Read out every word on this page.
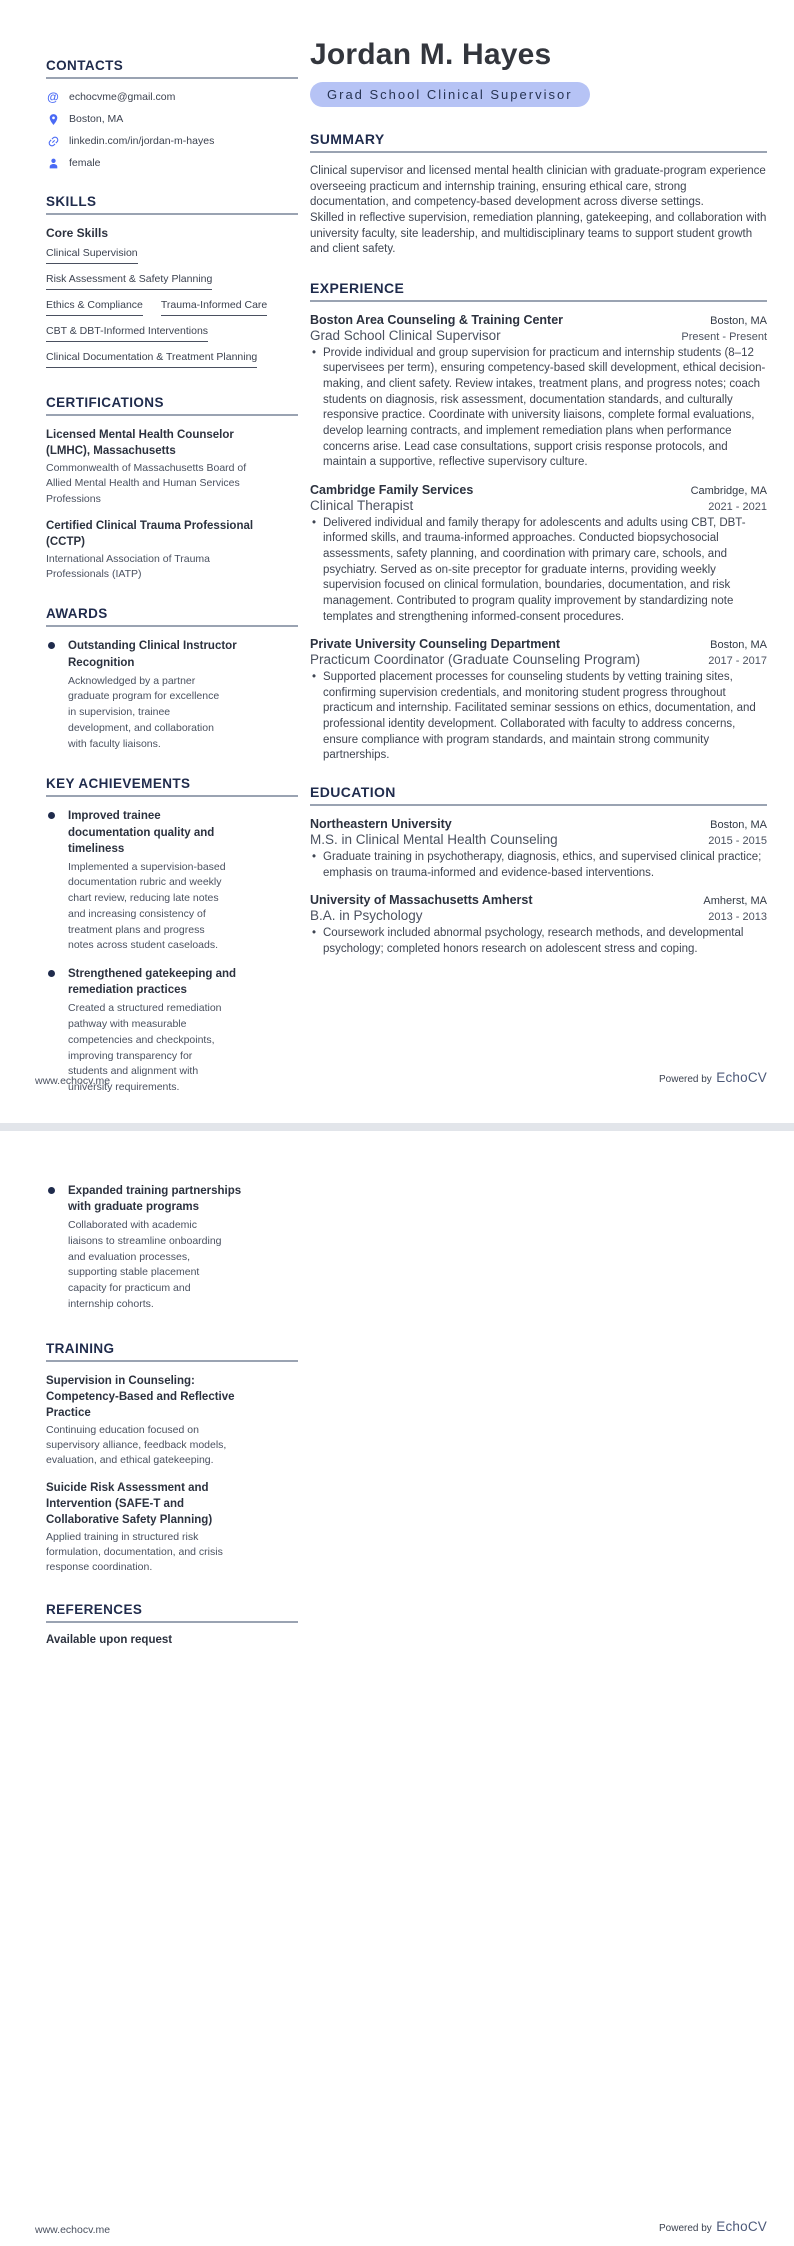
CONTACTS
@ echocvme@gmail.com
Boston, MA
linkedin.com/in/jordan-m-hayes
female
SKILLS
Core Skills
Clinical Supervision
Risk Assessment & Safety Planning
Ethics & Compliance Trauma-Informed Care
CBT & DBT-Informed Interventions
Clinical Documentation & Treatment Planning
CERTIFICATIONS
Licensed Mental Health Counselor (LMHC), Massachusetts
Commonwealth of Massachusetts Board of Allied Mental Health and Human Services Professions
Certified Clinical Trauma Professional (CCTP)
International Association of Trauma Professionals (IATP)
AWARDS
Outstanding Clinical Instructor Recognition
Acknowledged by a partner graduate program for excellence in supervision, trainee development, and collaboration with faculty liaisons.
KEY ACHIEVEMENTS
Improved trainee documentation quality and timeliness
Implemented a supervision-based documentation rubric and weekly chart review, reducing late notes and increasing consistency of treatment plans and progress notes across student caseloads.
Strengthened gatekeeping and remediation practices
Created a structured remediation pathway with measurable competencies and checkpoints, improving transparency for students and alignment with university requirements.
Jordan M. Hayes
Grad School Clinical Supervisor
SUMMARY

Clinical supervisor and licensed mental health clinician with graduate-program experience overseeing practicum and internship training, ensuring ethical care, strong documentation, and competency-based development across diverse settings.

Skilled in reflective supervision, remediation planning, gatekeeping, and collaboration with university faculty, site leadership, and multidisciplinary teams to support student growth and client safety.

EXPERIENCE
Boston Area Counseling & Training Center	Boston, MA
Grad School Clinical Supervisor	Present - Present
• Provide individual and group supervision for practicum and internship students (8–12 supervisees per term), ensuring competency-based skill development, ethical decision-making, and client safety. Review intakes, treatment plans, and progress notes; coach students on diagnosis, risk assessment, documentation standards, and culturally responsive practice. Coordinate with university liaisons, complete formal evaluations, develop learning contracts, and implement remediation plans when performance concerns arise. Lead case consultations, support crisis response protocols, and maintain a supportive, reflective supervisory culture.
Cambridge Family Services	Cambridge, MA
Clinical Therapist	2021 - 2021
• Delivered individual and family therapy for adolescents and adults using CBT, DBT-informed skills, and trauma-informed approaches. Conducted biopsychosocial assessments, safety planning, and coordination with primary care, schools, and psychiatry. Served as on-site preceptor for graduate interns, providing weekly supervision focused on clinical formulation, boundaries, documentation, and risk management. Contributed to program quality improvement by standardizing note templates and strengthening informed-consent procedures.
Private University Counseling Department	Boston, MA
Practicum Coordinator (Graduate Counseling Program)	2017 - 2017
• Supported placement processes for counseling students by vetting training sites, confirming supervision credentials, and monitoring student progress throughout practicum and internship. Facilitated seminar sessions on ethics, documentation, and professional identity development. Collaborated with faculty to address concerns, ensure compliance with program standards, and maintain strong community partnerships.
EDUCATION
Northeastern University	Boston, MA
M.S. in Clinical Mental Health Counseling	2015 - 2015
• Graduate training in psychotherapy, diagnosis, ethics, and supervised clinical practice; emphasis on trauma-informed and evidence-based interventions.
University of Massachusetts Amherst	Amherst, MA
B.A. in Psychology	2013 - 2013
• Coursework included abnormal psychology, research methods, and developmental psychology; completed honors research on adolescent stress and coping.
www.echocv.me	Powered by EchoCV
Expanded training partnerships with graduate programs
Collaborated with academic liaisons to streamline onboarding and evaluation processes, supporting stable placement capacity for practicum and internship cohorts.
TRAINING
Supervision in Counseling: Competency-Based and Reflective Practice
Continuing education focused on supervisory alliance, feedback models, evaluation, and ethical gatekeeping.
Suicide Risk Assessment and Intervention (SAFE-T and Collaborative Safety Planning)
Applied training in structured risk formulation, documentation, and crisis response coordination.
REFERENCES
Available upon request
www.echocv.me	Powered by EchoCV
